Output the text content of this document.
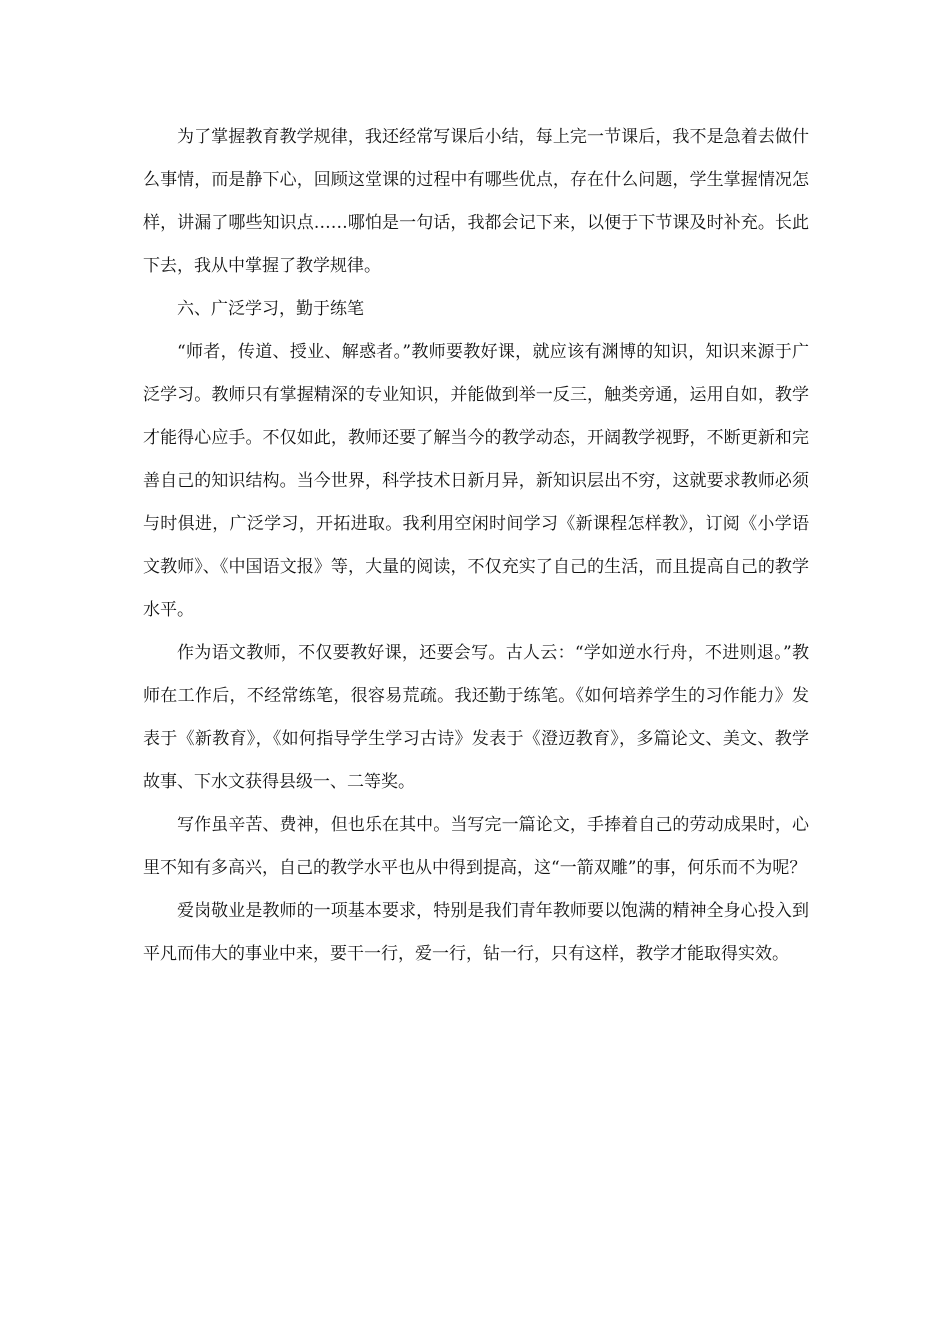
为了掌握教育教学规律，我还经常写课后小结，每上完一节课后，我不是急着去做什么事情，而是静下心，回顾这堂课的过程中有哪些优点，存在什么问题，学生掌握情况怎样，讲漏了哪些知识点……哪怕是一句话，我都会记下来，以便于下节课及时补充。长此下去，我从中掌握了教学规律。

六、广泛学习，勤于练笔

“师者，传道、授业、解惑者。”教师要教好课，就应该有渊博的知识，知识来源于广泛学习。教师只有掌握精深的专业知识，并能做到举一反三，触类旁通，运用自如，教学才能得心应手。不仅如此，教师还要了解当今的教学动态，开阔教学视野，不断更新和完善自己的知识结构。当今世界，科学技术日新月异，新知识层出不穷，这就要求教师必须与时俱进，广泛学习，开拓进取。我利用空闲时间学习《新课程怎样教》，订阅《小学语文教师》、《中国语文报》等，大量的阅读，不仅充实了自己的生活，而且提高自己的教学水平。

作为语文教师，不仅要教好课，还要会写。古人云：“学如逆水行舟，不进则退。”教师在工作后，不经常练笔，很容易荒疏。我还勤于练笔。《如何培养学生的习作能力》发表于《新教育》，《如何指导学生学习古诗》发表于《澄迈教育》，多篇论文、美文、教学故事、下水文获得县级一、二等奖。

写作虽辛苦、费神，但也乐在其中。当写完一篇论文，手捧着自己的劳动成果时，心里不知有多高兴，自己的教学水平也从中得到提高，这“一箭双雕”的事，何乐而不为呢？

爱岗敬业是教师的一项基本要求，特别是我们青年教师要以饱满的精神全身心投入到平凡而伟大的事业中来，要干一行，爱一行，钻一行，只有这样，教学才能取得实效。
